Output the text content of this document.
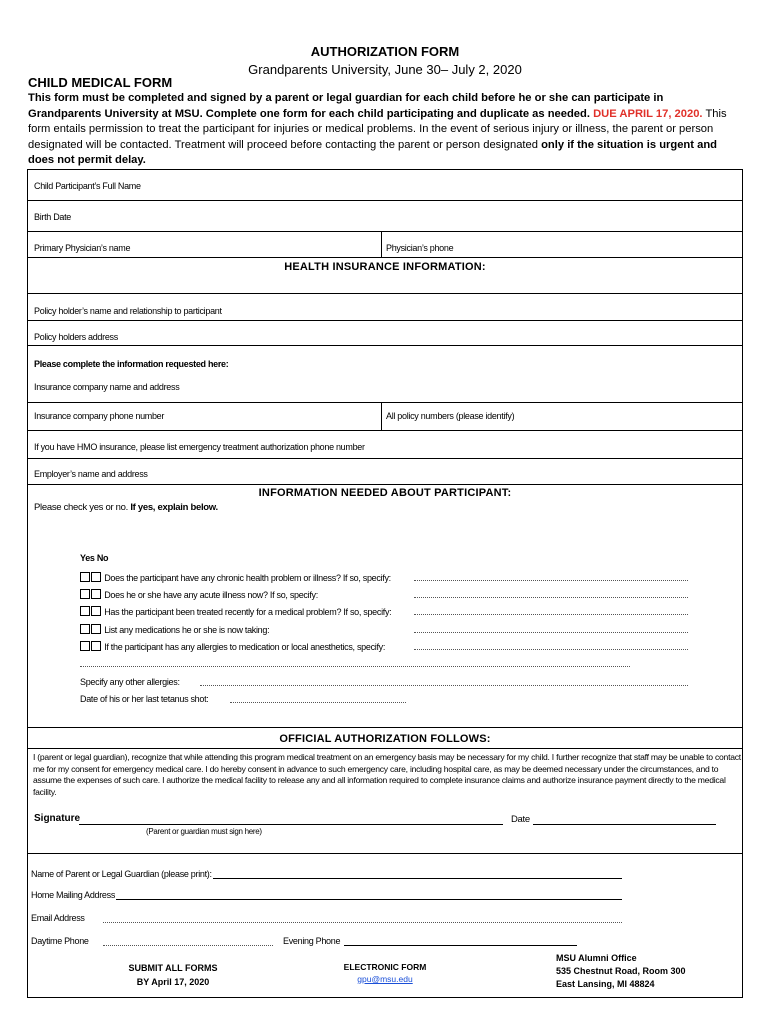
AUTHORIZATION FORM
Grandparents University, June 30– July 2, 2020
CHILD MEDICAL FORM
This form must be completed and signed by a parent or legal guardian for each child before he or she can participate in Grandparents University at MSU. Complete one form for each child participating and duplicate as needed. DUE APRIL 17, 2020. This form entails permission to treat the participant for injuries or medical problems. In the event of serious injury or illness, the parent or person designated will be contacted. Treatment will proceed before contacting the parent or person designated only if the situation is urgent and does not permit delay.
Child Participant’s Full Name
Birth Date
Primary Physician’s name	Physician’s phone
HEALTH INSURANCE INFORMATION:
Policy holder’s name and relationship to participant
Policy holders address
Please complete the information requested here:
Insurance company name and address
Insurance company phone number	All policy numbers (please identify)
If you have HMO insurance, please list emergency treatment authorization phone number
Employer’s name and address
INFORMATION NEEDED ABOUT PARTICIPANT:
Please check yes or no. If yes, explain below.
Yes No
Does the participant have any chronic health problem or illness? If so, specify:
Does he or she have any acute illness now? If so, specify:
Has the participant been treated recently for a medical problem? If so, specify:
List any medications he or she is now taking:
If the participant has any allergies to medication or local anesthetics, specify:
Specify any other allergies:
Date of his or her last tetanus shot:
OFFICIAL AUTHORIZATION FOLLOWS:
I (parent or legal guardian), recognize that while attending this program medical treatment on an emergency basis may be necessary for my child. I further recognize that staff may be unable to contact me for my consent for emergency medical care. I do hereby consent in advance to such emergency care, including hospital care, as may be deemed necessary under the circumstances, and to assume the expenses of such care. I authorize the medical facility to release any and all information required to complete insurance claims and authorize insurance payment directly to the medical facility.
Signature
(Parent or guardian must sign here)
Date
Name of Parent or Legal Guardian (please print):
Home Mailing Address
Email Address
Daytime Phone	Evening Phone
SUBMIT ALL FORMS
BY April 17, 2020
ELECTRONIC FORM
gpu@msu.edu
MSU Alumni Office
535 Chestnut Road, Room 300
East Lansing, MI 48824
